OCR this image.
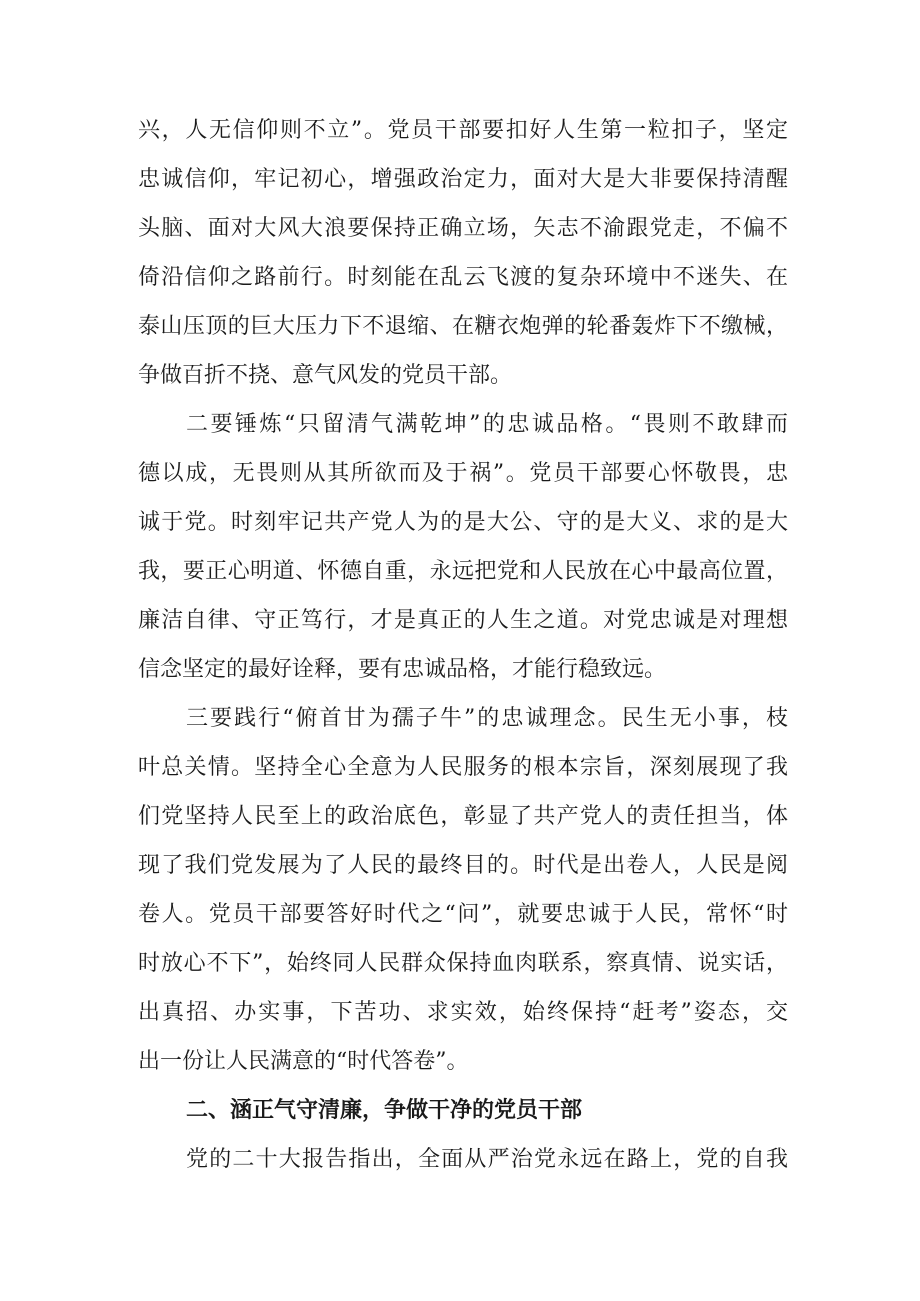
兴，人无信仰则不立”。党员干部要扣好人生第一粒扣子，坚定
忠诚信仰，牢记初心，增强政治定力，面对大是大非要保持清醒
头脑、面对大风大浪要保持正确立场，矢志不渝跟党走，不偏不
倚沿信仰之路前行。时刻能在乱云飞渡的复杂环境中不迷失、在
泰山压顶的巨大压力下不退缩、在糖衣炮弹的轮番轰炸下不缴械，
争做百折不挠、意气风发的党员干部。
二要锤炼“只留清气满乾坤”的忠诚品格。“畏则不敢肆而
德以成，无畏则从其所欲而及于祸”。党员干部要心怀敬畏，忠
诚于党。时刻牢记共产党人为的是大公、守的是大义、求的是大
我，要正心明道、怀德自重，永远把党和人民放在心中最高位置，
廉洁自律、守正笃行，才是真正的人生之道。对党忠诚是对理想
信念坚定的最好诠释，要有忠诚品格，才能行稳致远。
三要践行“俯首甘为孺子牛”的忠诚理念。民生无小事，枝
叶总关情。坚持全心全意为人民服务的根本宗旨，深刻展现了我
们党坚持人民至上的政治底色，彰显了共产党人的责任担当，体
现了我们党发展为了人民的最终目的。时代是出卷人，人民是阅
卷人。党员干部要答好时代之“问”，就要忠诚于人民，常怀“时
时放心不下”，始终同人民群众保持血肉联系，察真情、说实话，
出真招、办实事，下苦功、求实效，始终保持“赶考”姿态，交
出一份让人民满意的“时代答卷”。
二、涵正气守清廉，争做干净的党员干部
党的二十大报告指出，全面从严治党永远在路上，党的自我
